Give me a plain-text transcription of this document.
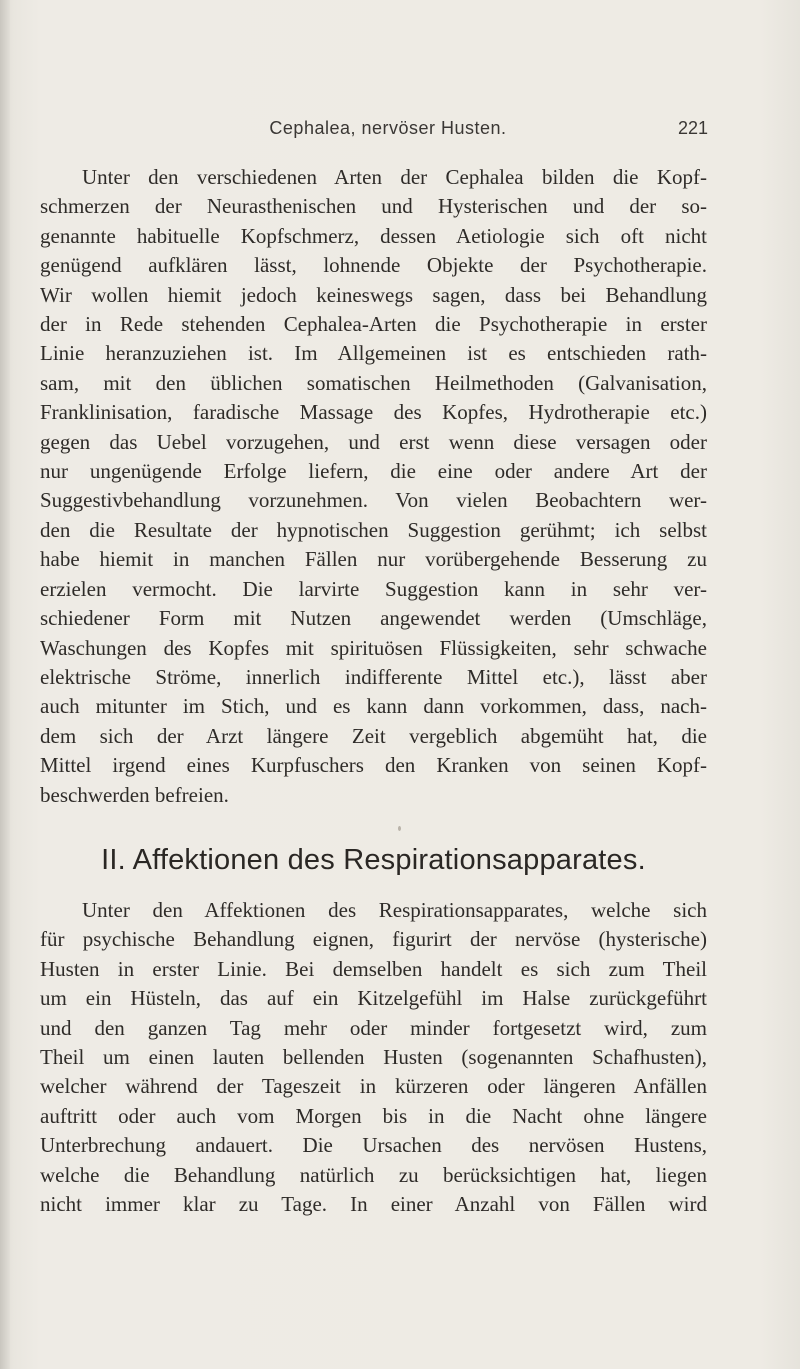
Cephalea, nervöser Husten.	221
Unter den verschiedenen Arten der Cephalea bilden die Kopf-
schmerzen der Neurasthenischen und Hysterischen und der so-
genannte habituelle Kopfschmerz, dessen Aetiologie sich oft nicht
genügend aufklären lässt, lohnende Objekte der Psychotherapie.
Wir wollen hiemit jedoch keineswegs sagen, dass bei Behandlung
der in Rede stehenden Cephalea-Arten die Psychotherapie in erster
Linie heranzuziehen ist. Im Allgemeinen ist es entschieden rath-
sam, mit den üblichen somatischen Heilmethoden (Galvanisation,
Franklinisation, faradische Massage des Kopfes, Hydrotherapie etc.)
gegen das Uebel vorzugehen, und erst wenn diese versagen oder
nur ungenügende Erfolge liefern, die eine oder andere Art der
Suggestivbehandlung vorzunehmen. Von vielen Beobachtern wer-
den die Resultate der hypnotischen Suggestion gerühmt; ich selbst
habe hiemit in manchen Fällen nur vorübergehende Besserung zu
erzielen vermocht. Die larvirte Suggestion kann in sehr ver-
schiedener Form mit Nutzen angewendet werden (Umschläge,
Waschungen des Kopfes mit spirituösen Flüssigkeiten, sehr schwache
elektrische Ströme, innerlich indifferente Mittel etc.), lässt aber
auch mitunter im Stich, und es kann dann vorkommen, dass, nach-
dem sich der Arzt längere Zeit vergeblich abgemüht hat, die
Mittel irgend eines Kurpfuschers den Kranken von seinen Kopf-
beschwerden befreien.
II. Affektionen des Respirationsapparates.
Unter den Affektionen des Respirationsapparates, welche sich
für psychische Behandlung eignen, figurirt der nervöse (hysterische)
Husten in erster Linie. Bei demselben handelt es sich zum Theil
um ein Hüsteln, das auf ein Kitzelgefühl im Halse zurückgeführt
und den ganzen Tag mehr oder minder fortgesetzt wird, zum
Theil um einen lauten bellenden Husten (sogenannten Schafhusten),
welcher während der Tageszeit in kürzeren oder längeren Anfällen
auftritt oder auch vom Morgen bis in die Nacht ohne längere
Unterbrechung andauert. Die Ursachen des nervösen Hustens,
welche die Behandlung natürlich zu berücksichtigen hat, liegen
nicht immer klar zu Tage. In einer Anzahl von Fällen wird
